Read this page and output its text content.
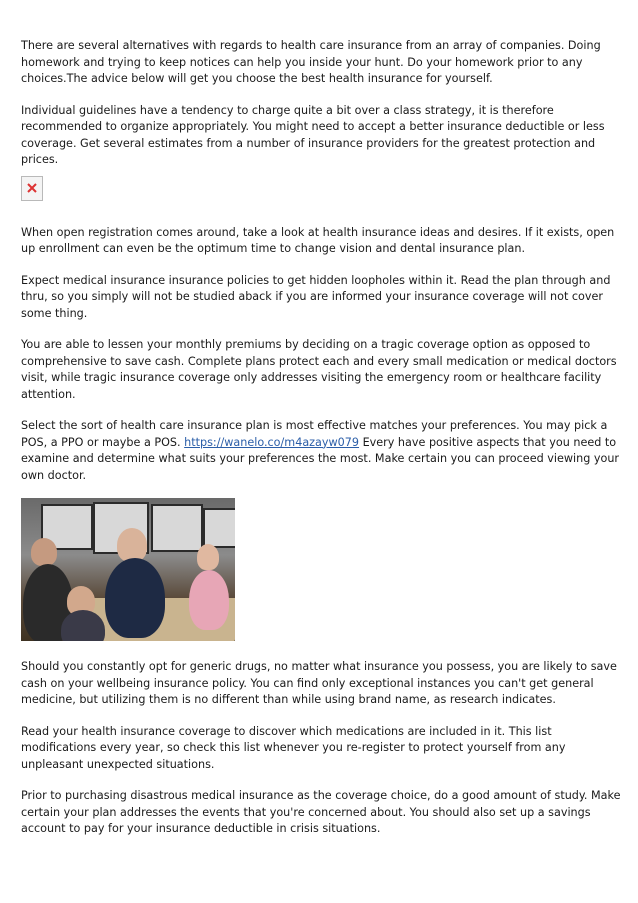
There are several alternatives with regards to health care insurance from an array of companies. Doing homework and trying to keep notices can help you inside your hunt. Do your homework prior to any choices.The advice below will get you choose the best health insurance for yourself.

Individual guidelines have a tendency to charge quite a bit over a class strategy, it is therefore recommended to organize appropriately. You might need to accept a better insurance deductible or less coverage. Get several estimates from a number of insurance providers for the greatest protection and prices.

When open registration comes around, take a look at health insurance ideas and desires. If it exists, open up enrollment can even be the optimum time to change vision and dental insurance plan.

Expect medical insurance insurance policies to get hidden loopholes within it. Read the plan through and thru, so you simply will not be studied aback if you are informed your insurance coverage will not cover some thing.

You are able to lessen your monthly premiums by deciding on a tragic coverage option as opposed to comprehensive to save cash. Complete plans protect each and every small medication or medical doctors visit, while tragic insurance coverage only addresses visiting the emergency room or healthcare facility attention.

Select the sort of health care insurance plan is most effective matches your preferences. You may pick a POS, a PPO or maybe a POS. https://wanelo.co/m4azayw079 Every have positive aspects that you need to examine and determine what suits your preferences the most. Make certain you can proceed viewing your own doctor.

Should you constantly opt for generic drugs, no matter what insurance you possess, you are likely to save cash on your wellbeing insurance policy. You can find only exceptional instances you can't get general medicine, but utilizing them is no different than while using brand name, as research indicates.

Read your health insurance coverage to discover which medications are included in it. This list modifications every year, so check this list whenever you re-register to protect yourself from any unpleasant unexpected situations.

Prior to purchasing disastrous medical insurance as the coverage choice, do a good amount of study. Make certain your plan addresses the events that you're concerned about. You should also set up a savings account to pay for your insurance deductible in crisis situations.
